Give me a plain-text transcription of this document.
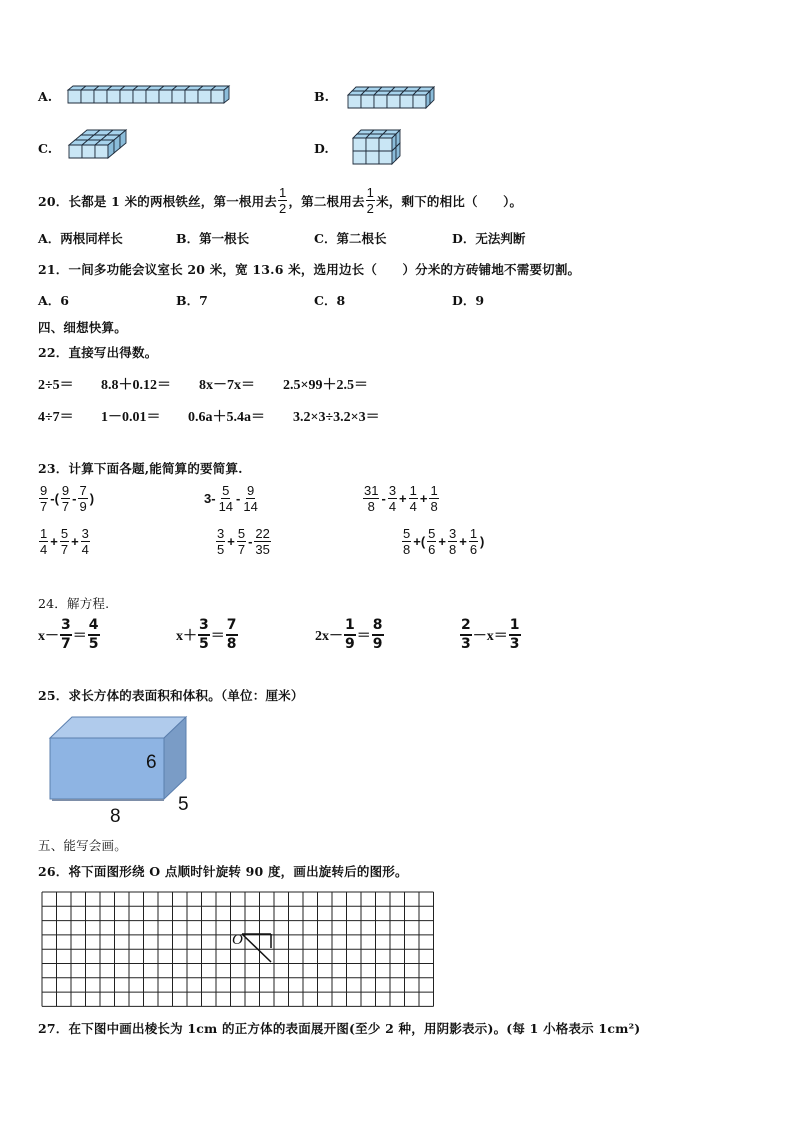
A.	B.
C.	D.
20． 长都是 1 米的两根铁丝，第一根用去 $\frac{1}{2}$ ，第二根用去 $\frac{1}{2}$ 米，剩下的相比（　　）。
A．两根同样长	B．第一根长	C．第二根长	D．无法判断
21．一间多功能会议室长 20 米，宽 13.6 米，选用边长（　　）分米的方砖铺地不需要切割。
A．6	B．7	C．8	D．9
四、细想快算。
22．直接写出得数。
2÷5＝ 8.8＋0.12＝ 8x－7x＝ 2.5×99＋2.5＝
4÷7＝ 1－0.01＝ 0.6a＋5.4a＝ 3.2×3÷3.2×3＝
23．计算下面各题,能简算的要简算.
$\frac{9}{7}$ -( $\frac{9}{7} - \frac{7}{9}$ )	$3- \frac{5}{14} - \frac{9}{14}$	$\frac{31}{8} - \frac{3}{4} + \frac{1}{4} + \frac{1}{8}$
$\frac{1}{4} + \frac{5}{7} + \frac{3}{4}$	$\frac{3}{5} + \frac{5}{7} - \frac{22}{35}$	$\frac{5}{8}$ +( $\frac{5}{6} + \frac{3}{8} + \frac{1}{6}$ )
24．解方程.
$x- \frac{3}{7} = \frac{4}{5}$	$x+ \frac{3}{5} = \frac{7}{8}$	$2x- \frac{1}{9} = \frac{8}{9}$	$\frac{2}{3} -x= \frac{1}{3}$
25．求长方体的表面积和体积。（单位：厘米）
6
5
8
五、能写会画。
26．将下面图形绕 O 点顺时针旋转 90 度，画出旋转后的图形。
O
27．在下图中画出棱长为 1cm 的正方体的表面展开图(至少 2 种，用阴影表示)。(每 1 小格表示 1cm²)
